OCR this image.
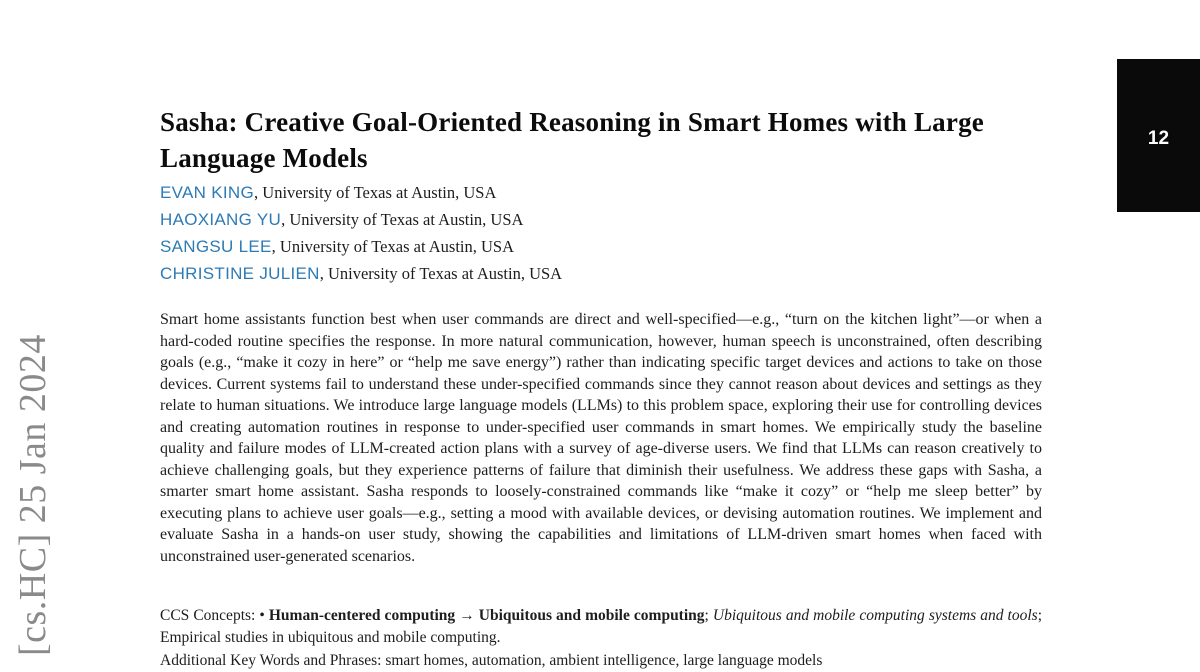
[cs.HC] 25 Jan 2024
12
Sasha: Creative Goal-Oriented Reasoning in Smart Homes with Large Language Models
EVAN KING, University of Texas at Austin, USA
HAOXIANG YU, University of Texas at Austin, USA
SANGSU LEE, University of Texas at Austin, USA
CHRISTINE JULIEN, University of Texas at Austin, USA

Smart home assistants function best when user commands are direct and well-specified—e.g., “turn on the kitchen light”—or when a hard-coded routine specifies the response. In more natural communication, however, human speech is unconstrained, often describing goals (e.g., “make it cozy in here” or “help me save energy”) rather than indicating specific target devices and actions to take on those devices. Current systems fail to understand these under-specified commands since they cannot reason about devices and settings as they relate to human situations. We introduce large language models (LLMs) to this problem space, exploring their use for controlling devices and creating automation routines in response to under-specified user commands in smart homes. We empirically study the baseline quality and failure modes of LLM-created action plans with a survey of age-diverse users. We find that LLMs can reason creatively to achieve challenging goals, but they experience patterns of failure that diminish their usefulness. We address these gaps with Sasha, a smarter smart home assistant. Sasha responds to loosely-constrained commands like “make it cozy” or “help me sleep better” by executing plans to achieve user goals—e.g., setting a mood with available devices, or devising automation routines. We implement and evaluate Sasha in a hands-on user study, showing the capabilities and limitations of LLM-driven smart homes when faced with unconstrained user-generated scenarios.

CCS Concepts: • Human-centered computing → Ubiquitous and mobile computing; Ubiquitous and mobile computing systems and tools; Empirical studies in ubiquitous and mobile computing.

Additional Key Words and Phrases: smart homes, automation, ambient intelligence, large language models
